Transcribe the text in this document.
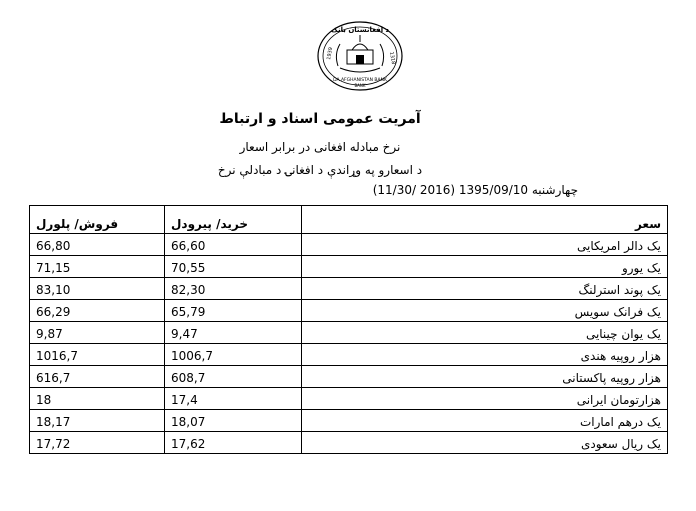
د افغانستان بانک
1939	1318
DA AFGHANISTAN BANK
BANK
آمریت عمومی اسناد و ارتباط
نرخ مبادله افغانی در برابر اسعار
د اسعارو په وړاندې د افغانۍ د مبادلې نرخ
چهارشنبه 1395/09/10 (2016 /11/30)
فروش/ پلورل	خرید/ پیرودل	سعر
66,80	66,60	یک دالر امریکایی
71,15	70,55	یک یورو
83,10	82,30	یک پوند استرلنگ
66,29	65,79	یک فرانک سویس
9,87	9,47	یک یوان چینایی
1016,7	1006,7	هزار روپیه هندی
616,7	608,7	هزار روپیه پاکستانی
18	17,4	هزارتومان ایرانی
18,17	18,07	یک درهم امارات
17,72	17,62	یک ریال سعودی
